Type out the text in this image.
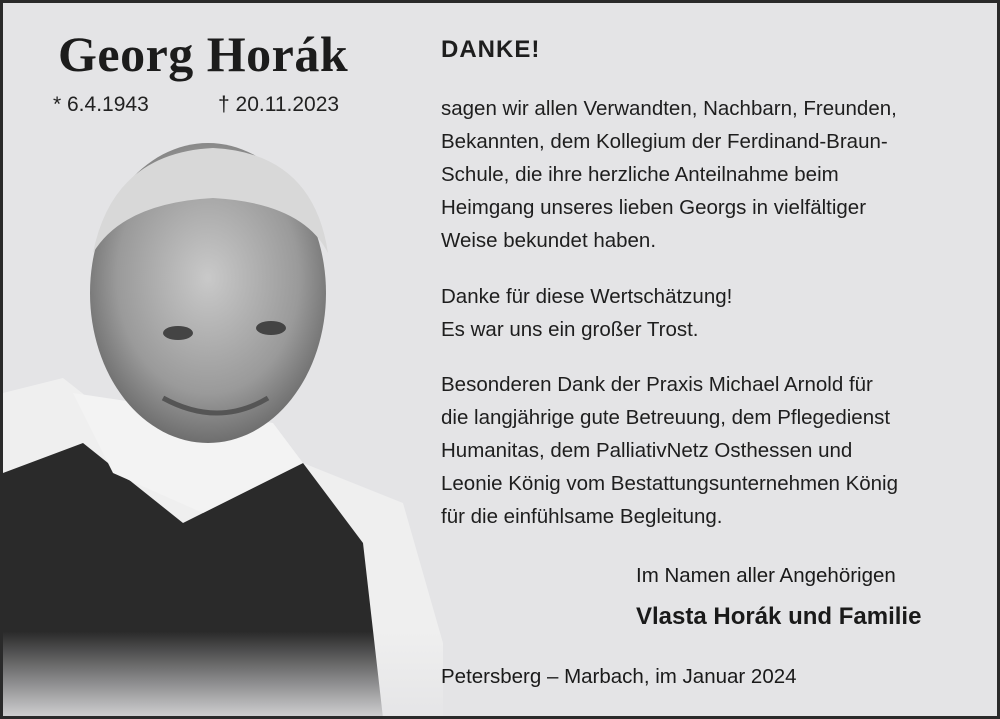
Georg Horák
* 6.4.1943	† 20.11.2023
DANKE!
sagen wir allen Verwandten, Nachbarn, Freunden,
Bekannten, dem Kollegium der Ferdinand-Braun-
Schule, die ihre herzliche Anteilnahme beim
Heimgang unseres lieben Georgs in vielfältiger
Weise bekundet haben.
Danke für diese Wertschätzung!
Es war uns ein großer Trost.
Besonderen Dank der Praxis Michael Arnold für
die langjährige gute Betreuung, dem Pflegedienst
Humanitas, dem PalliativNetz Osthessen und
Leonie König vom Bestattungsunternehmen König
für die einfühlsame Begleitung.
Im Namen aller Angehörigen
Vlasta Horák und Familie
Petersberg – Marbach, im Januar 2024
